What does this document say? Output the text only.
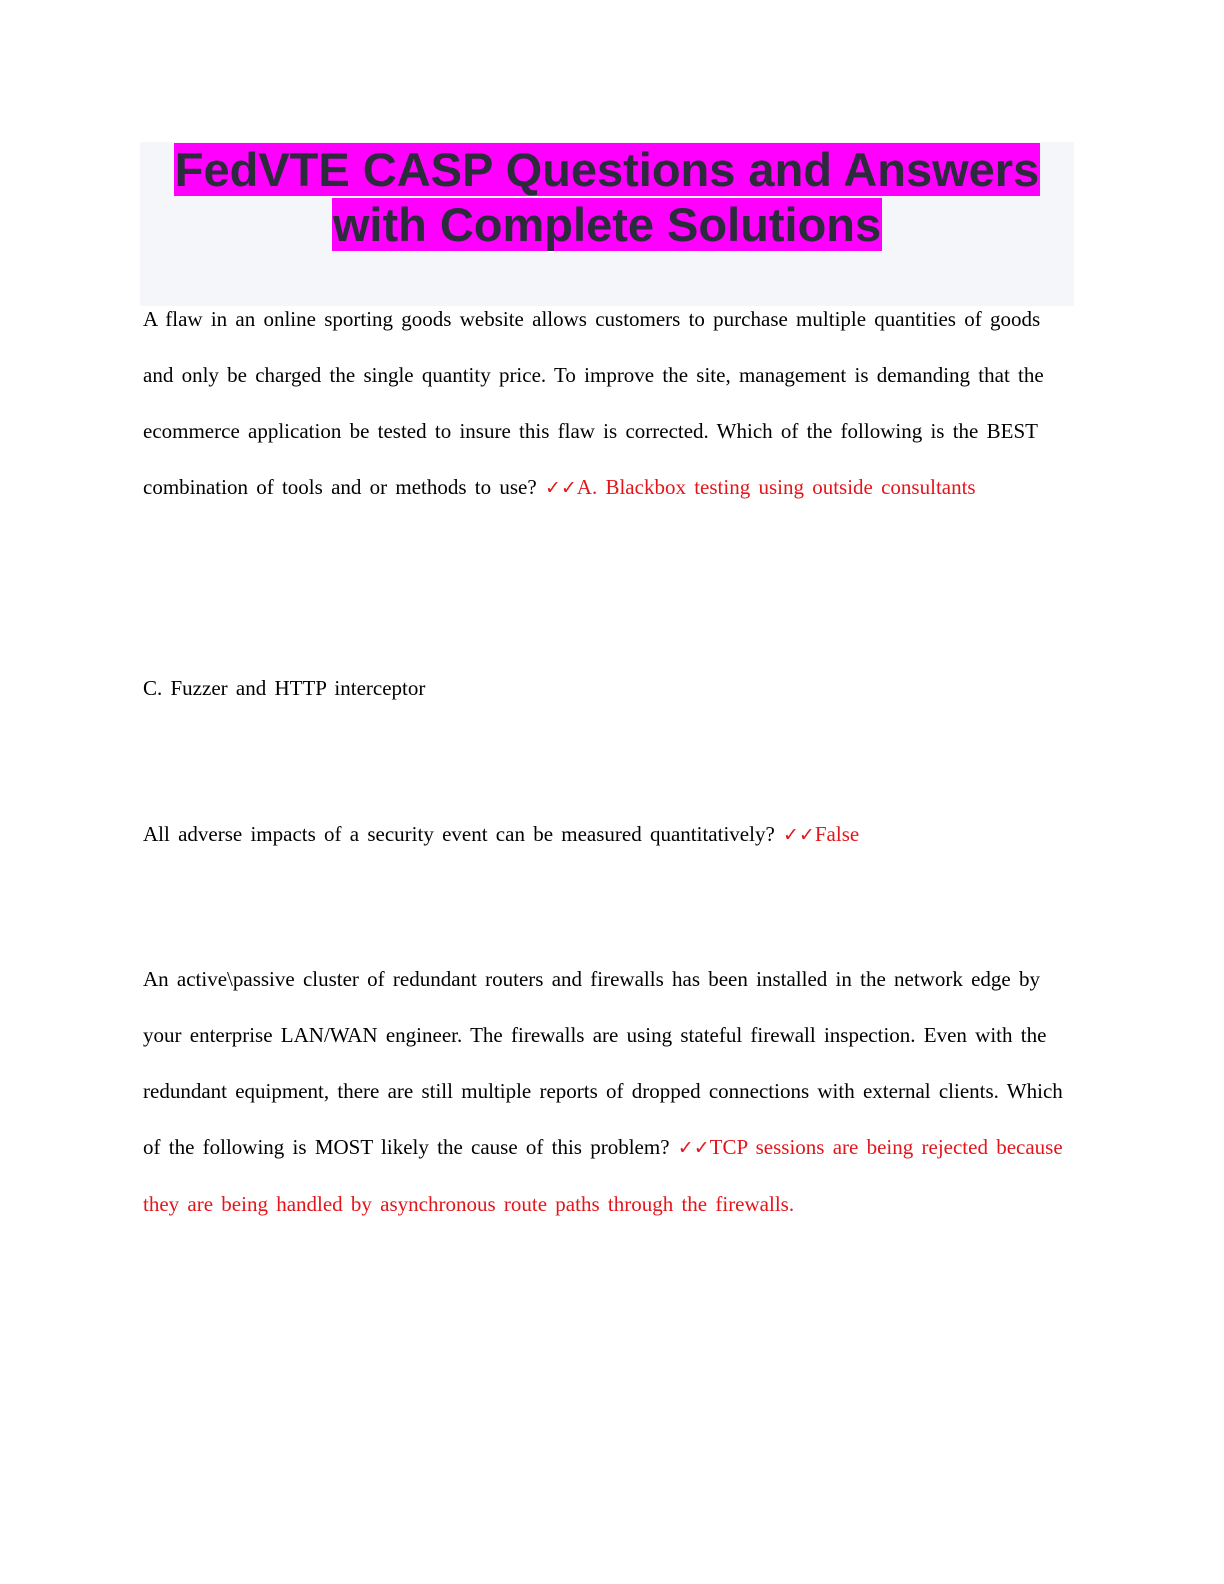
FedVTE CASP Questions and Answers
with Complete Solutions
A flaw in an online sporting goods website allows customers to purchase multiple quantities of goods and only be charged the single quantity price. To improve the site, management is demanding that the ecommerce application be tested to insure this flaw is corrected. Which of the following is the BEST combination of tools and or methods to use? ✓✓A. Blackbox testing using outside consultants
C. Fuzzer and HTTP interceptor
All adverse impacts of a security event can be measured quantitatively? ✓✓False
An active\passive cluster of redundant routers and firewalls has been installed in the network edge by your enterprise LAN/WAN engineer. The firewalls are using stateful firewall inspection. Even with the redundant equipment, there are still multiple reports of dropped connections with external clients. Which of the following is MOST likely the cause of this problem? ✓✓TCP sessions are being rejected because they are being handled by asynchronous route paths through the firewalls.
